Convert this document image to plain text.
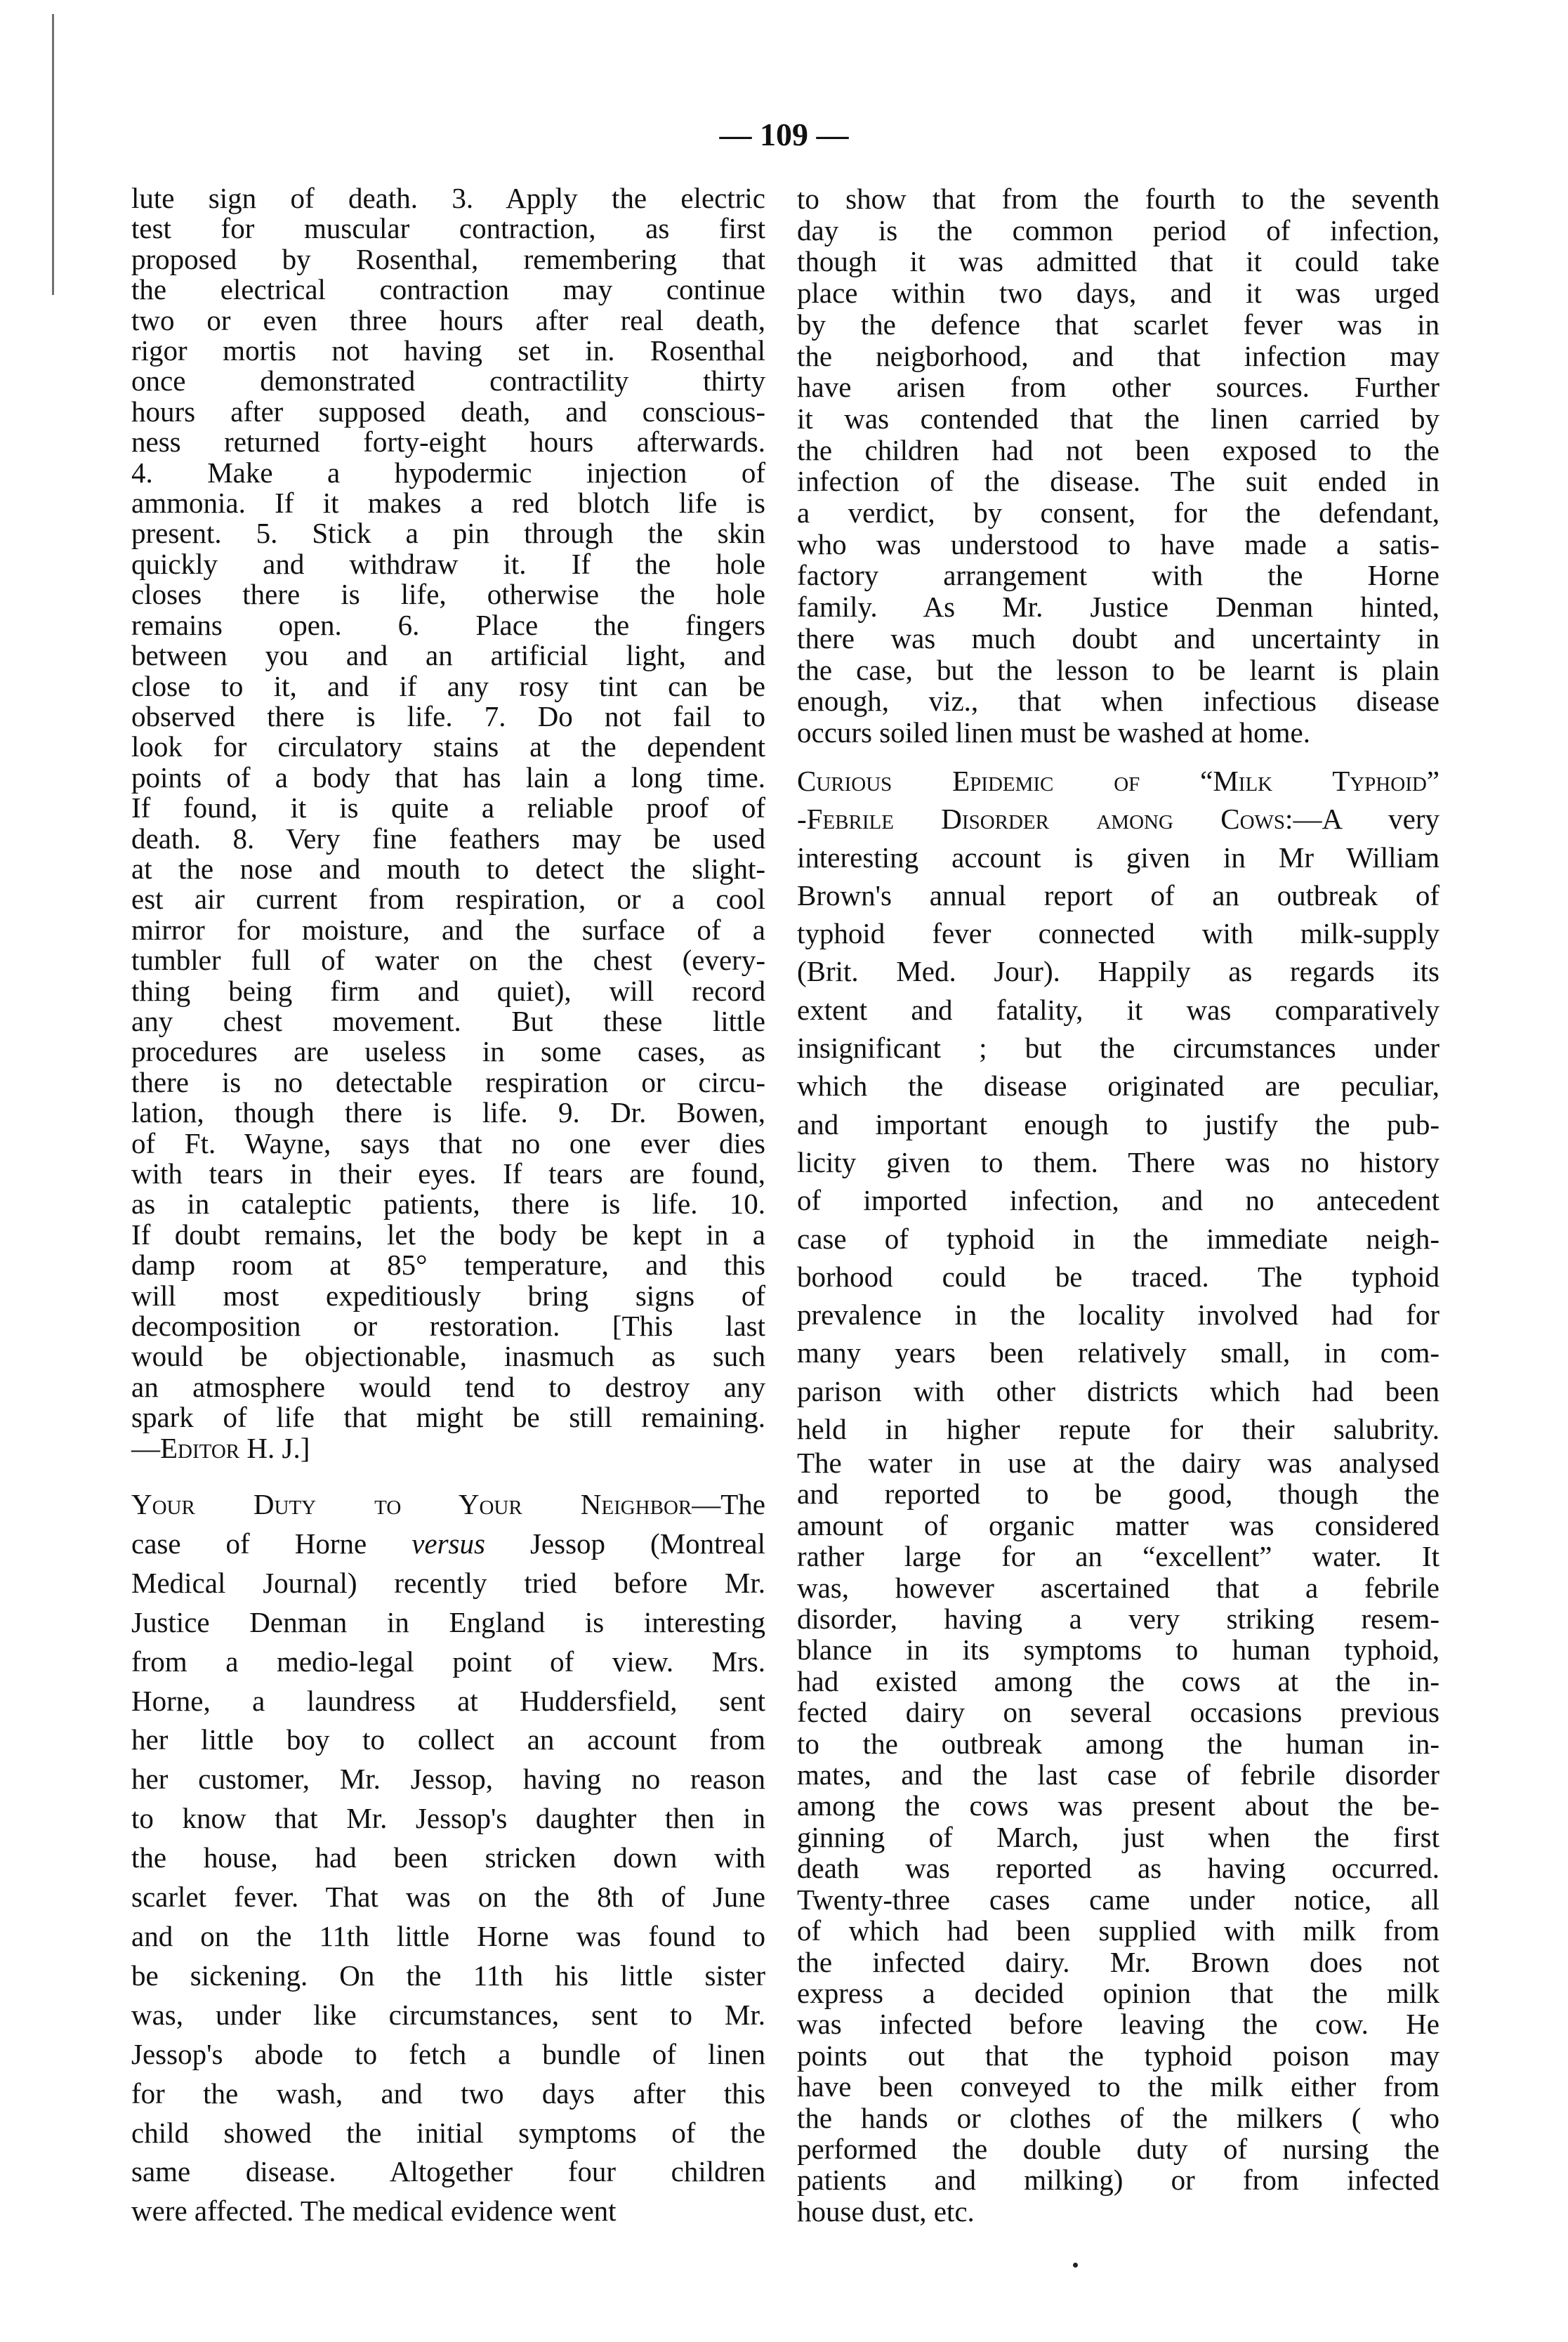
— 109 —
lute sign of death. 3. Apply the electric
test for muscular contraction, as first
proposed by Rosenthal, remembering that
the electrical contraction may continue
two or even three hours after real death,
rigor mortis not having set in. Rosenthal
once demonstrated contractility thirty
hours after supposed death, and conscious-
ness returned forty-eight hours afterwards.
4. Make a hypodermic injection of
ammonia. If it makes a red blotch life is
present. 5. Stick a pin through the skin
quickly and withdraw it. If the hole
closes there is life, otherwise the hole
remains open. 6. Place the fingers
between you and an artificial light, and
close to it, and if any rosy tint can be
observed there is life. 7. Do not fail to
look for circulatory stains at the dependent
points of a body that has lain a long time.
If found, it is quite a reliable proof of
death. 8. Very fine feathers may be used
at the nose and mouth to detect the slight-
est air current from respiration, or a cool
mirror for moisture, and the surface of a
tumbler full of water on the chest (every-
thing being firm and quiet), will record
any chest movement. But these little
procedures are useless in some cases, as
there is no detectable respiration or circu-
lation, though there is life. 9. Dr. Bowen,
of Ft. Wayne, says that no one ever dies
with tears in their eyes. If tears are found,
as in cataleptic patients, there is life. 10.
If doubt remains, let the body be kept in a
damp room at 85° temperature, and this
will most expeditiously bring signs of
decomposition or restoration. [This last
would be objectionable, inasmuch as such
an atmosphere would tend to destroy any
spark of life that might be still remaining.
—Editor H. J.]
Your Duty to Your Neighbor—The
case of Horne versus Jessop (Montreal
Medical Journal) recently tried before Mr.
Justice Denman in England is interesting
from a medio-legal point of view. Mrs.
Horne, a laundress at Huddersfield, sent
her little boy to collect an account from
her customer, Mr. Jessop, having no reason
to know that Mr. Jessop's daughter then in
the house, had been stricken down with
scarlet fever. That was on the 8th of June
and on the 11th little Horne was found to
be sickening. On the 11th his little sister
was, under like circumstances, sent to Mr.
Jessop's abode to fetch a bundle of linen
for the wash, and two days after this
child showed the initial symptoms of the
same disease. Altogether four children
were affected. The medical evidence went
to show that from the fourth to the seventh
day is the common period of infection,
though it was admitted that it could take
place within two days, and it was urged
by the defence that scarlet fever was in
the neigborhood, and that infection may
have arisen from other sources. Further
it was contended that the linen carried by
the children had not been exposed to the
infection of the disease. The suit ended in
a verdict, by consent, for the defendant,
who was understood to have made a satis-
factory arrangement with the Horne
family. As Mr. Justice Denman hinted,
there was much doubt and uncertainty in
the case, but the lesson to be learnt is plain
enough, viz., that when infectious disease
occurs soiled linen must be washed at home.
Curious Epidemic of “Milk Typhoid”
-Febrile Disorder among Cows:—A very
interesting account is given in Mr William
Brown's annual report of an outbreak of
typhoid fever connected with milk-supply
(Brit. Med. Jour). Happily as regards its
extent and fatality, it was comparatively
insignificant ; but the circumstances under
which the disease originated are peculiar,
and important enough to justify the pub-
licity given to them. There was no history
of imported infection, and no antecedent
case of typhoid in the immediate neigh-
borhood could be traced. The typhoid
prevalence in the locality involved had for
many years been relatively small, in com-
parison with other districts which had been
held in higher repute for their salubrity.
The water in use at the dairy was analysed
and reported to be good, though the
amount of organic matter was considered
rather large for an “excellent” water. It
was, however ascertained that a febrile
disorder, having a very striking resem-
blance in its symptoms to human typhoid,
had existed among the cows at the in-
fected dairy on several occasions previous
to the outbreak among the human in-
mates, and the last case of febrile disorder
among the cows was present about the be-
ginning of March, just when the first
death was reported as having occurred.
Twenty-three cases came under notice, all
of which had been supplied with milk from
the infected dairy. Mr. Brown does not
express a decided opinion that the milk
was infected before leaving the cow. He
points out that the typhoid poison may
have been conveyed to the milk either from
the hands or clothes of the milkers ( who
performed the double duty of nursing the
patients and milking) or from infected
house dust, etc.
